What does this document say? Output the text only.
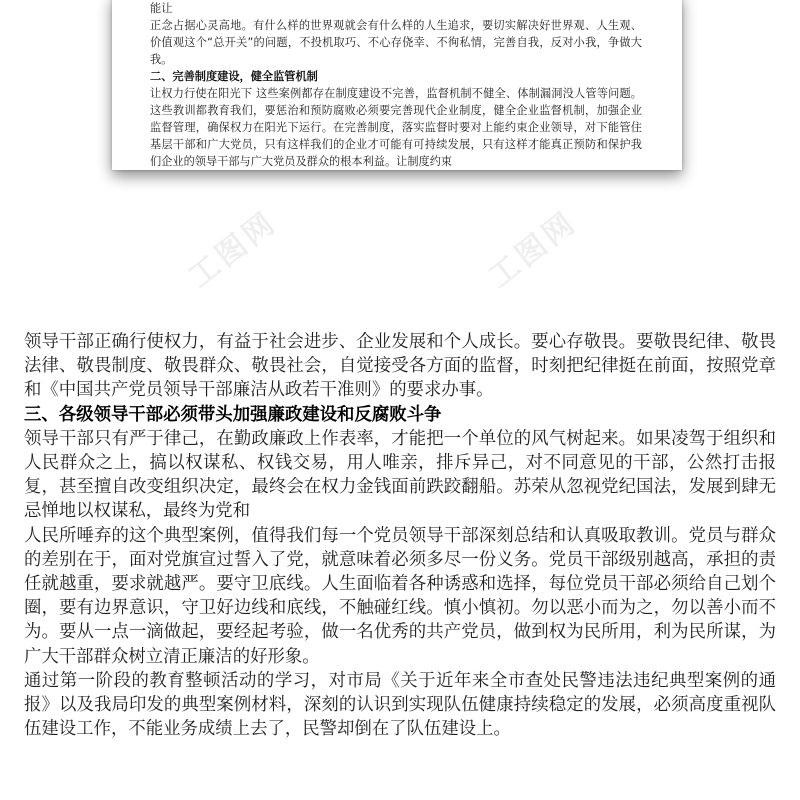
能让

正念占据心灵高地。有什么样的世界观就会有什么样的人生追求，要切实解决好世界观、人生观、价值观这个“总开关”的问题，不投机取巧、不心存侥幸、不徇私情，完善自我，反对小我，争做大我。

二、完善制度建设，健全监管机制

让权力行使在阳光下 这些案例都存在制度建设不完善，监督机制不健全、体制漏洞没人管等问题。这些教训都教育我们，要惩治和预防腐败必须要完善现代企业制度，健全企业监督机制，加强企业监督管理，确保权力在阳光下运行。在完善制度，落实监督时要对上能约束企业领导，对下能管住基层干部和广大党员，只有这样我们的企业才可能有可持续发展，只有这样才能真正预防和保护我们企业的领导干部与广大党员及群众的根本利益。让制度约束

工图网	工图网

领导干部正确行使权力，有益于社会进步、企业发展和个人成长。要心存敬畏。要敬畏纪律、敬畏法律、敬畏制度、敬畏群众、敬畏社会，自觉接受各方面的监督，时刻把纪律挺在前面，按照党章和《中国共产党员领导干部廉洁从政若干准则》的要求办事。

三、各级领导干部必须带头加强廉政建设和反腐败斗争

领导干部只有严于律己，在勤政廉政上作表率，才能把一个单位的风气树起来。如果凌驾于组织和人民群众之上，搞以权谋私、权钱交易，用人唯亲，排斥异己，对不同意见的干部，公然打击报复，甚至擅自改变组织决定，最终会在权力金钱面前跌跤翻船。苏荣从忽视党纪国法，发展到肆无忌惮地以权谋私，最终为党和

人民所唾弃的这个典型案例，值得我们每一个党员领导干部深刻总结和认真吸取教训。党员与群众的差别在于，面对党旗宣过誓入了党，就意味着必须多尽一份义务。党员干部级别越高，承担的责任就越重，要求就越严。要守卫底线。人生面临着各种诱惑和选择，每位党员干部必须给自己划个圈，要有边界意识，守卫好边线和底线，不触碰红线。慎小慎初。勿以恶小而为之，勿以善小而不为。要从一点一滴做起，要经起考验，做一名优秀的共产党员，做到权为民所用，利为民所谋，为广大干部群众树立清正廉洁的好形象。

通过第一阶段的教育整顿活动的学习，对市局《关于近年来全市查处民警违法违纪典型案例的通报》以及我局印发的典型案例材料，深刻的认识到实现队伍健康持续稳定的发展，必须高度重视队伍建设工作，不能业务成绩上去了，民警却倒在了队伍建设上。
